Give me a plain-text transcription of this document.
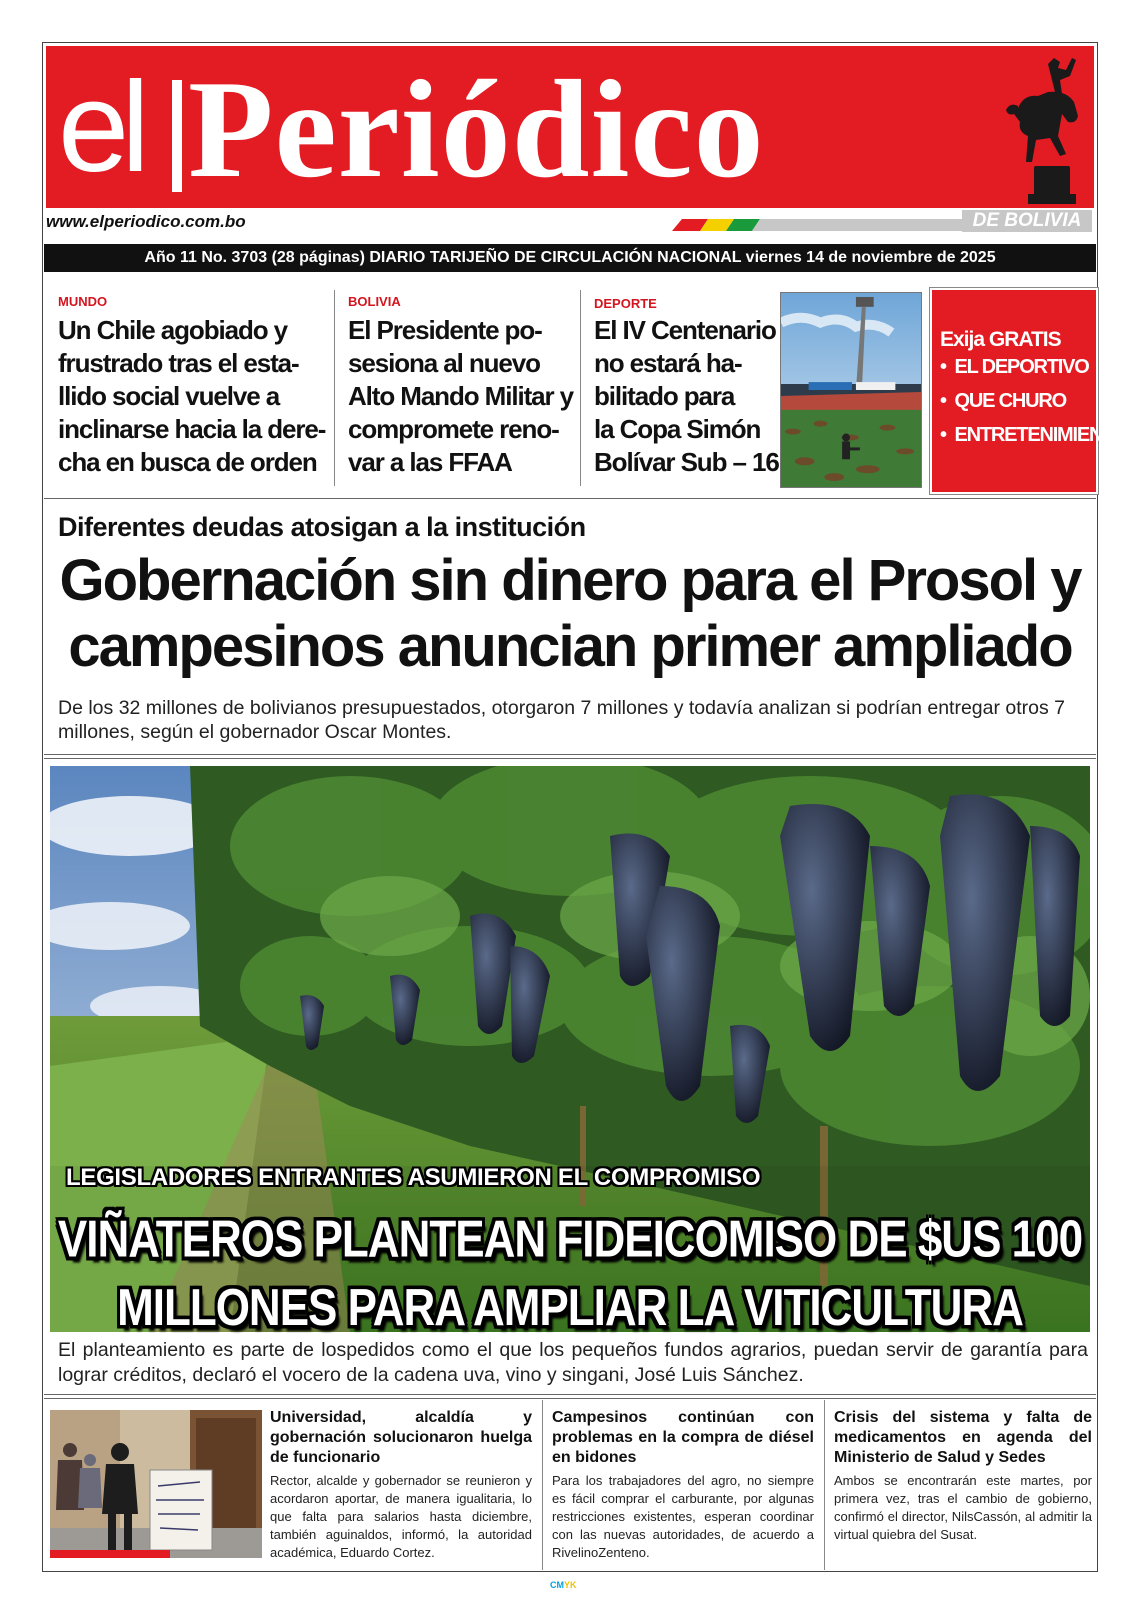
el Periódico
www.elperiodico.com.bo	DE BOLIVIA
Año 11 No. 3703 (28 páginas) DIARIO TARIJEÑO DE CIRCULACIÓN NACIONAL viernes 14 de noviembre de 2025
MUNDO
Un Chile agobiado y
frustrado tras el esta-
llido social vuelve a
inclinarse hacia la dere-
cha en busca de orden
BOLIVIA
El Presidente po-
sesiona al nuevo
Alto Mando Militar y
compromete reno-
var a las FFAA
DEPORTE
El IV Centenario
no estará ha-
bilitado para
la Copa Simón
Bolívar Sub – 16
Exija GRATIS
•  EL DEPORTIVO
•  QUE CHURO
•  ENTRETENIMIENTO
Diferentes deudas atosigan a la institución
Gobernación sin dinero para el Prosol y
campesinos anuncian primer ampliado
De los 32 millones de bolivianos presupuestados, otorgaron 7 millones y todavía analizan si podrían entregar otros 7 millones, según el gobernador Oscar Montes.
LEGISLADORES ENTRANTES ASUMIERON EL COMPROMISO
VIÑATEROS PLANTEAN FIDEICOMISO DE $US 100
MILLONES PARA AMPLIAR LA VITICULTURA
El planteamiento es parte de lospedidos como el que los pequeños fundos agrarios, puedan servir de garantía para lograr créditos, declaró el vocero de la cadena uva, vino y singani, José Luis Sánchez.
Universidad, alcaldía y gobernación solucionaron huelga de funcionario
Rector, alcalde y gobernador se reunieron y acordaron aportar, de manera igualitaria, lo que falta para salarios hasta diciembre, también aguinaldos, informó, la autoridad académica, Eduardo Cortez.
Campesinos continúan con problemas en la compra de diésel en bidones
Para los trabajadores del agro, no siempre es fácil comprar el carburante, por algunas restricciones existentes, esperan coordinar con las nuevas autoridades, de acuerdo a RivelinoZenteno.
Crisis del sistema y falta de medicamentos en agenda del Ministerio de Salud y Sedes
Ambos se encontrarán este martes, por primera vez, tras el cambio de gobierno, confirmó el director, NilsCassón, al admitir la virtual quiebra del Susat.
CMYK
